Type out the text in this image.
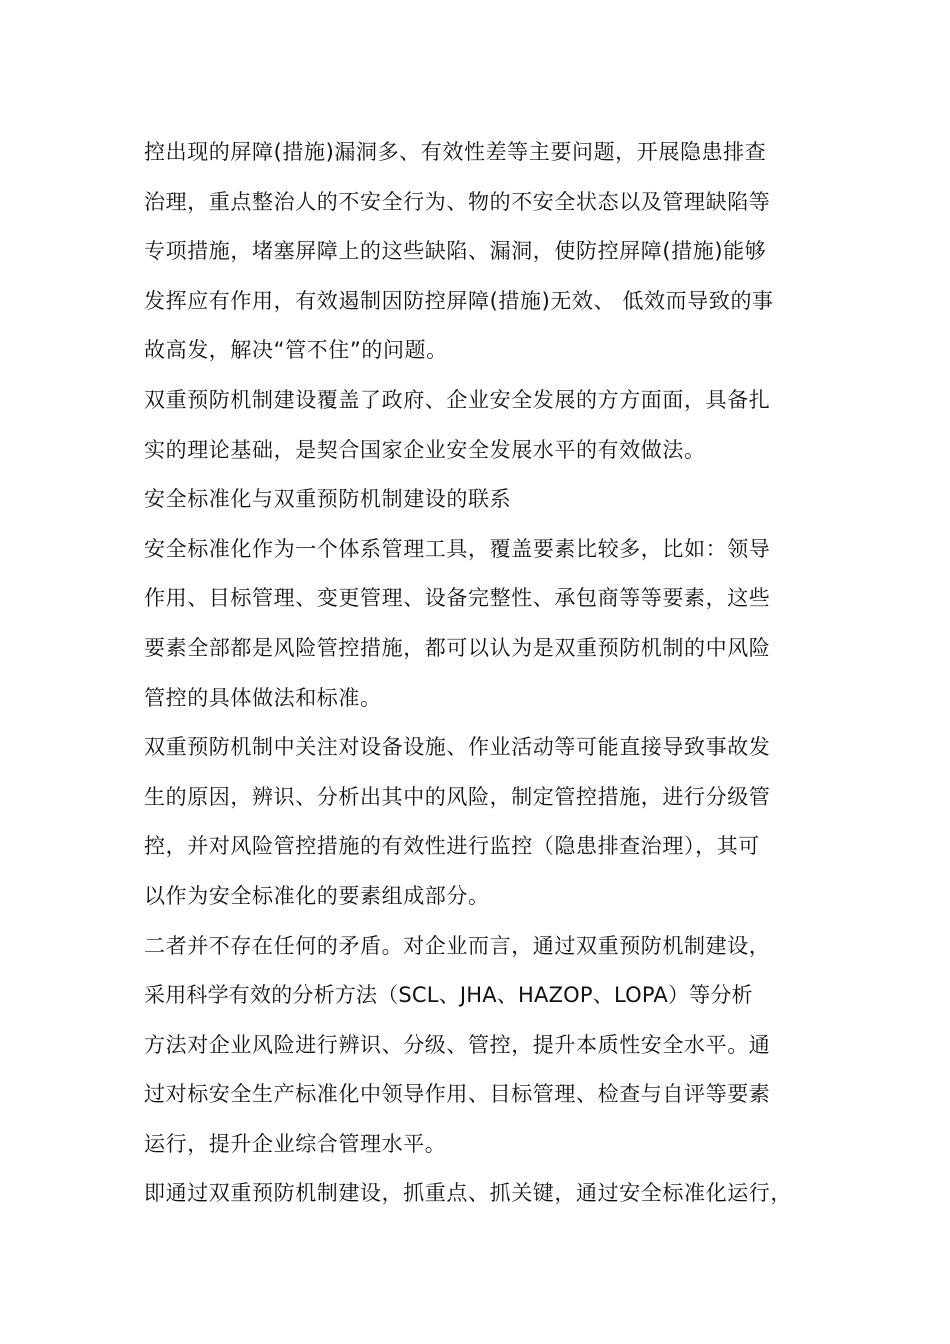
控出现的屏障(措施)漏洞多、有效性差等主要问题，开展隐患排查
治理，重点整治人的不安全行为、物的不安全状态以及管理缺陷等
专项措施，堵塞屏障上的这些缺陷、漏洞，使防控屏障(措施)能够
发挥应有作用，有效遏制因防控屏障(措施)无效、 低效而导致的事
故高发，解决“管不住”的问题。
双重预防机制建设覆盖了政府、企业安全发展的方方面面，具备扎
实的理论基础，是契合国家企业安全发展水平的有效做法。
安全标准化与双重预防机制建设的联系
安全标准化作为一个体系管理工具，覆盖要素比较多，比如：领导
作用、目标管理、变更管理、设备完整性、承包商等等要素，这些
要素全部都是风险管控措施，都可以认为是双重预防机制的中风险
管控的具体做法和标准。
双重预防机制中关注对设备设施、作业活动等可能直接导致事故发
生的原因，辨识、分析出其中的风险，制定管控措施，进行分级管
控，并对风险管控措施的有效性进行监控（隐患排查治理），其可
以作为安全标准化的要素组成部分。
二者并不存在任何的矛盾。对企业而言，通过双重预防机制建设，
采用科学有效的分析方法（SCL、JHA、HAZOP、LOPA）等分析
方法对企业风险进行辨识、分级、管控，提升本质性安全水平。通
过对标安全生产标准化中领导作用、目标管理、检查与自评等要素
运行，提升企业综合管理水平。
即通过双重预防机制建设，抓重点、抓关键，通过安全标准化运行，
